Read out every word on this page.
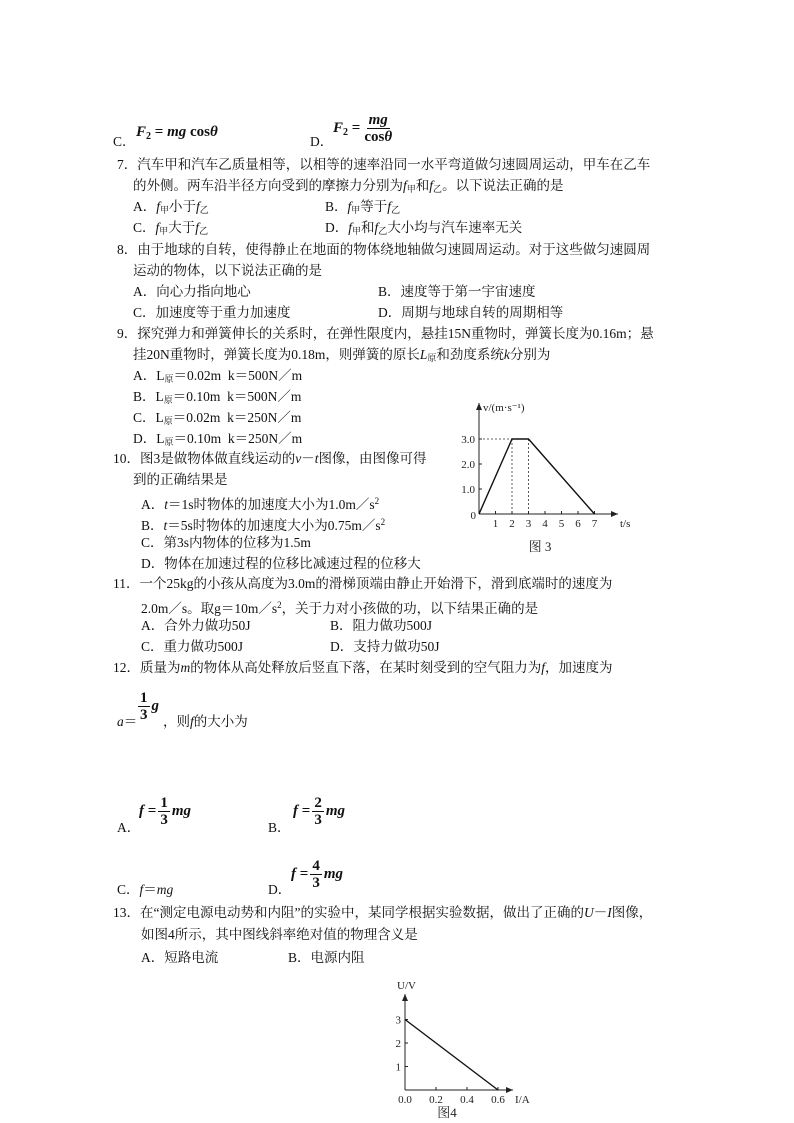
C．
$F_2$ = mg cosθ
D．
$F_2 = \frac{mg}{\cos\theta}$
7．汽车甲和汽车乙质量相等，以相等的速率沿同一水平弯道做匀速圆周运动，甲车在乙车
的外侧。两车沿半径方向受到的摩擦力分别为f甲和f乙。以下说法正确的是
A．f甲小于f乙	B．f甲等于f乙
C．f甲大于f乙	D．f甲和f乙大小均与汽车速率无关
8．由于地球的自转，使得静止在地面的物体绕地轴做匀速圆周运动。对于这些做匀速圆周
运动的物体，以下说法正确的是
A．向心力指向地心	B．速度等于第一宇宙速度
C．加速度等于重力加速度	D．周期与地球自转的周期相等
9．探究弹力和弹簧伸长的关系时，在弹性限度内，悬挂15N重物时，弹簧长度为0.16m；悬
挂20N重物时，弹簧长度为0.18m，则弹簧的原长L原和劲度系统k分别为
A．L原＝0.02m  k＝500N／m
B．L原＝0.10m  k＝500N／m
C．L原＝0.02m  k＝250N／m
D．L原＝0.10m  k＝250N／m
1.0
2.0
3.0
1 2 3 4 5 6 7
0
v/(m·s⁻¹)
t/s
图 3
10．图3是做物体做直线运动的v－t图像，由图像可得
到的正确结果是
A．t＝1s时物体的加速度大小为$1.0m/s^2$
B．t＝5s时物体的加速度大小为$0.75m/s^2$
C．第3s内物体的位移为1.5m
D．物体在加速过程的位移比减速过程的位移大
11．一个25kg的小孩从高度为3.0m的滑梯顶端由静止开始滑下，滑到底端时的速度为
2.0m／s。取$g=10m/s^2$，关于力对小孩做的功，以下结果正确的是
A．合外力做功50J	B．阻力做功500J
C．重力做功500J	D．支持力做功50J
12．质量为m的物体从高处释放后竖直下落，在某时刻受到的空气阻力为f，加速度为
$a= \frac{1}{3}$ g
，则f的大小为
A．
$f = \frac{1}{3}$ mg
B．
$f = \frac{2}{3}$ mg
C．f＝mg	D．
$f = \frac{4}{3}$ mg
13．在“测定电源电动势和内阻”的实验中，某同学根据实验数据，做出了正确的U－I图像，
如图4所示，其中图线斜率绝对值的物理含义是
A．短路电流	B．电源内阻
1
2
3
0.0 0.2 0.4 0.6
U/V
I/A
图4
